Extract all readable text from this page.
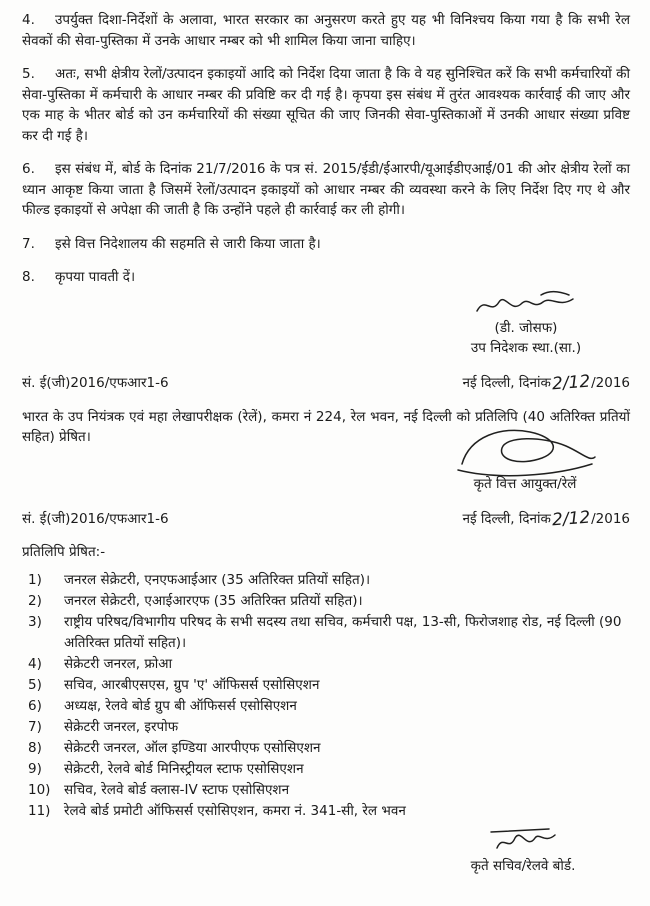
4. उपर्युक्त दिशा-निर्देशों के अलावा, भारत सरकार का अनुसरण करते हुए यह भी विनिश्चय किया गया है कि सभी रेल सेवकों की सेवा-पुस्तिका में उनके आधार नम्बर को भी शामिल किया जाना चाहिए।

5. अतः, सभी क्षेत्रीय रेलों/उत्पादन इकाइयों आदि को निर्देश दिया जाता है कि वे यह सुनिश्चित करें कि सभी कर्मचारियों की सेवा-पुस्तिका में कर्मचारी के आधार नम्बर की प्रविष्टि कर दी गई है। कृपया इस संबंध में तुरंत आवश्यक कार्रवाई की जाए और एक माह के भीतर बोर्ड को उन कर्मचारियों की संख्या सूचित की जाए जिनकी सेवा-पुस्तिकाओं में उनकी आधार संख्या प्रविष्ट कर दी गई है।

6. इस संबंध में, बोर्ड के दिनांक 21/7/2016 के पत्र सं. 2015/ईडी/ईआरपी/यूआईडीएआई/01 की ओर क्षेत्रीय रेलों का ध्यान आकृष्ट किया जाता है जिसमें रेलों/उत्पादन इकाइयों को आधार नम्बर की व्यवस्था करने के लिए निर्देश दिए गए थे और फील्ड इकाइयों से अपेक्षा की जाती है कि उन्होंने पहले ही कार्रवाई कर ली होगी।

7. इसे वित्त निदेशालय की सहमति से जारी किया जाता है।

8. कृपया पावती दें।

(डी. जोसफ)
उप निदेशक स्था.(सा.)
सं. ई(जी)2016/एफआर1-6	नई दिल्ली, दिनांक2/12/2016

भारत के उप नियंत्रक एवं महा लेखापरीक्षक (रेलें), कमरा नं 224, रेल भवन, नई दिल्ली को प्रतिलिपि (40 अतिरिक्त प्रतियों सहित) प्रेषित।

कृते वित्त आयुक्त/रेलें
सं. ई(जी)2016/एफआर1-6	नई दिल्ली, दिनांक2/12/2016
प्रतिलिपि प्रेषित:-
1)	जनरल सेक्रेटरी, एनएफआईआर (35 अतिरिक्त प्रतियों सहित)।
2)	जनरल सेक्रेटरी, एआईआरएफ (35 अतिरिक्त प्रतियों सहित)।
3)	राष्ट्रीय परिषद/विभागीय परिषद के सभी सदस्य तथा सचिव, कर्मचारी पक्ष, 13-सी, फिरोजशाह रोड, नई दिल्ली (90 अतिरिक्त प्रतियों सहित)।
4)	सेक्रेटरी जनरल, फ्रोआ
5)	सचिव, आरबीएसएस, ग्रुप 'ए' ऑफिसर्स एसोसिएशन
6)	अध्यक्ष, रेलवे बोर्ड ग्रुप बी ऑफिसर्स एसोसिएशन
7)	सेक्रेटरी जनरल, इरपोफ
8)	सेक्रेटरी जनरल, ऑल इण्डिया आरपीएफ एसोसिएशन
9)	सेक्रेटरी, रेलवे बोर्ड मिनिस्ट्रीयल स्टाफ एसोसिएशन
10)	सचिव, रेलवे बोर्ड क्लास-IV स्टाफ एसोसिएशन
11)	रेलवे बोर्ड प्रमोटी ऑफिसर्स एसोसिएशन, कमरा नं. 341-सी, रेल भवन
कृते सचिव/रेलवे बोर्ड.
